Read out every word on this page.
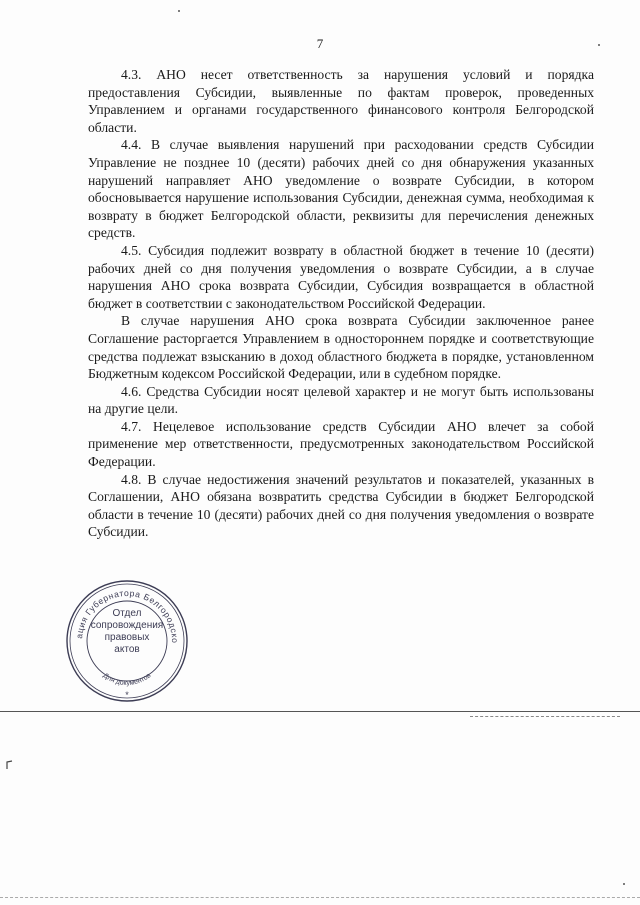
7

4.3. АНО несет ответственность за нарушения условий и порядка предоставления Субсидии, выявленные по фактам проверок, проведенных Управлением и органами государственного финансового контроля Белгородской области.

4.4. В случае выявления нарушений при расходовании средств Субсидии Управление не позднее 10 (десяти) рабочих дней со дня обнаружения указанных нарушений направляет АНО уведомление о возврате Субсидии, в котором обосновывается нарушение использования Субсидии, денежная сумма, необходимая к возврату в бюджет Белгородской области, реквизиты для перечисления денежных средств.

4.5. Субсидия подлежит возврату в областной бюджет в течение 10 (десяти) рабочих дней со дня получения уведомления о возврате Субсидии, а в случае нарушения АНО срока возврата Субсидии, Субсидия возвращается в областной бюджет в соответствии с законодательством Российской Федерации.

В случае нарушения АНО срока возврата Субсидии заключенное ранее Соглашение расторгается Управлением в одностороннем порядке и соответствующие средства подлежат взысканию в доход областного бюджета в порядке, установленном Бюджетным кодексом Российской Федерации, или в судебном порядке.

4.6. Средства Субсидии носят целевой характер и не могут быть использованы на другие цели.

4.7. Нецелевое использование средств Субсидии АНО влечет за собой применение мер ответственности, предусмотренных законодательством Российской Федерации.

4.8. В случае недостижения значений результатов и показателей, указанных в Соглашении, АНО обязана возвратить средства Субсидии в бюджет Белгородской области в течение 10 (десяти) рабочих дней со дня получения уведомления о возврате Субсидии.

ация Губернатора Белгородско
Для документов
*
Отдел
сопровождения
правовых
актов
